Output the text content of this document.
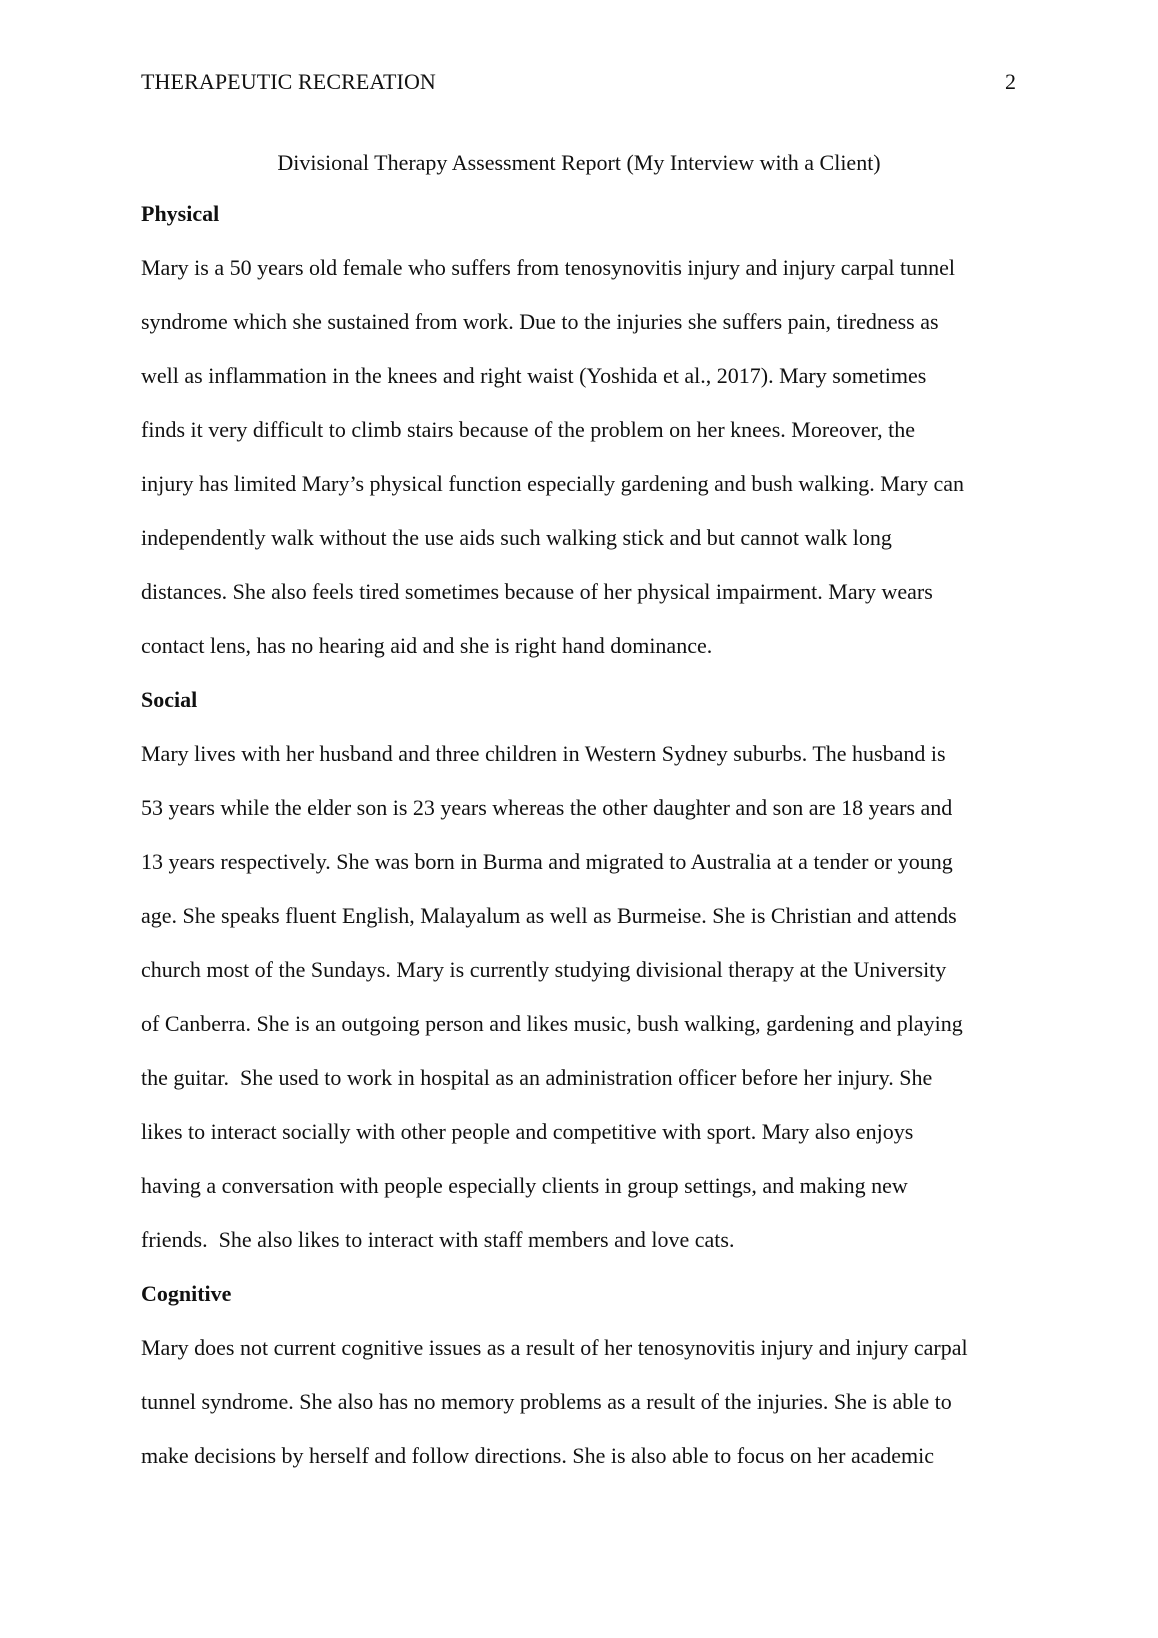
THERAPEUTIC RECREATION	2
Divisional Therapy Assessment Report (My Interview with a Client)
Physical
Mary is a 50 years old female who suffers from tenosynovitis injury and injury carpal tunnel
syndrome which she sustained from work. Due to the injuries she suffers pain, tiredness as
well as inflammation in the knees and right waist (Yoshida et al., 2017). Mary sometimes
finds it very difficult to climb stairs because of the problem on her knees. Moreover, the
injury has limited Mary’s physical function especially gardening and bush walking. Mary can
independently walk without the use aids such walking stick and but cannot walk long
distances. She also feels tired sometimes because of her physical impairment. Mary wears
contact lens, has no hearing aid and she is right hand dominance.
Social
Mary lives with her husband and three children in Western Sydney suburbs. The husband is
53 years while the elder son is 23 years whereas the other daughter and son are 18 years and
13 years respectively. She was born in Burma and migrated to Australia at a tender or young
age. She speaks fluent English, Malayalum as well as Burmeise. She is Christian and attends
church most of the Sundays. Mary is currently studying divisional therapy at the University
of Canberra. She is an outgoing person and likes music, bush walking, gardening and playing
the guitar.  She used to work in hospital as an administration officer before her injury. She
likes to interact socially with other people and competitive with sport. Mary also enjoys
having a conversation with people especially clients in group settings, and making new
friends.  She also likes to interact with staff members and love cats.
Cognitive
Mary does not current cognitive issues as a result of her tenosynovitis injury and injury carpal
tunnel syndrome. She also has no memory problems as a result of the injuries. She is able to
make decisions by herself and follow directions. She is also able to focus on her academic
